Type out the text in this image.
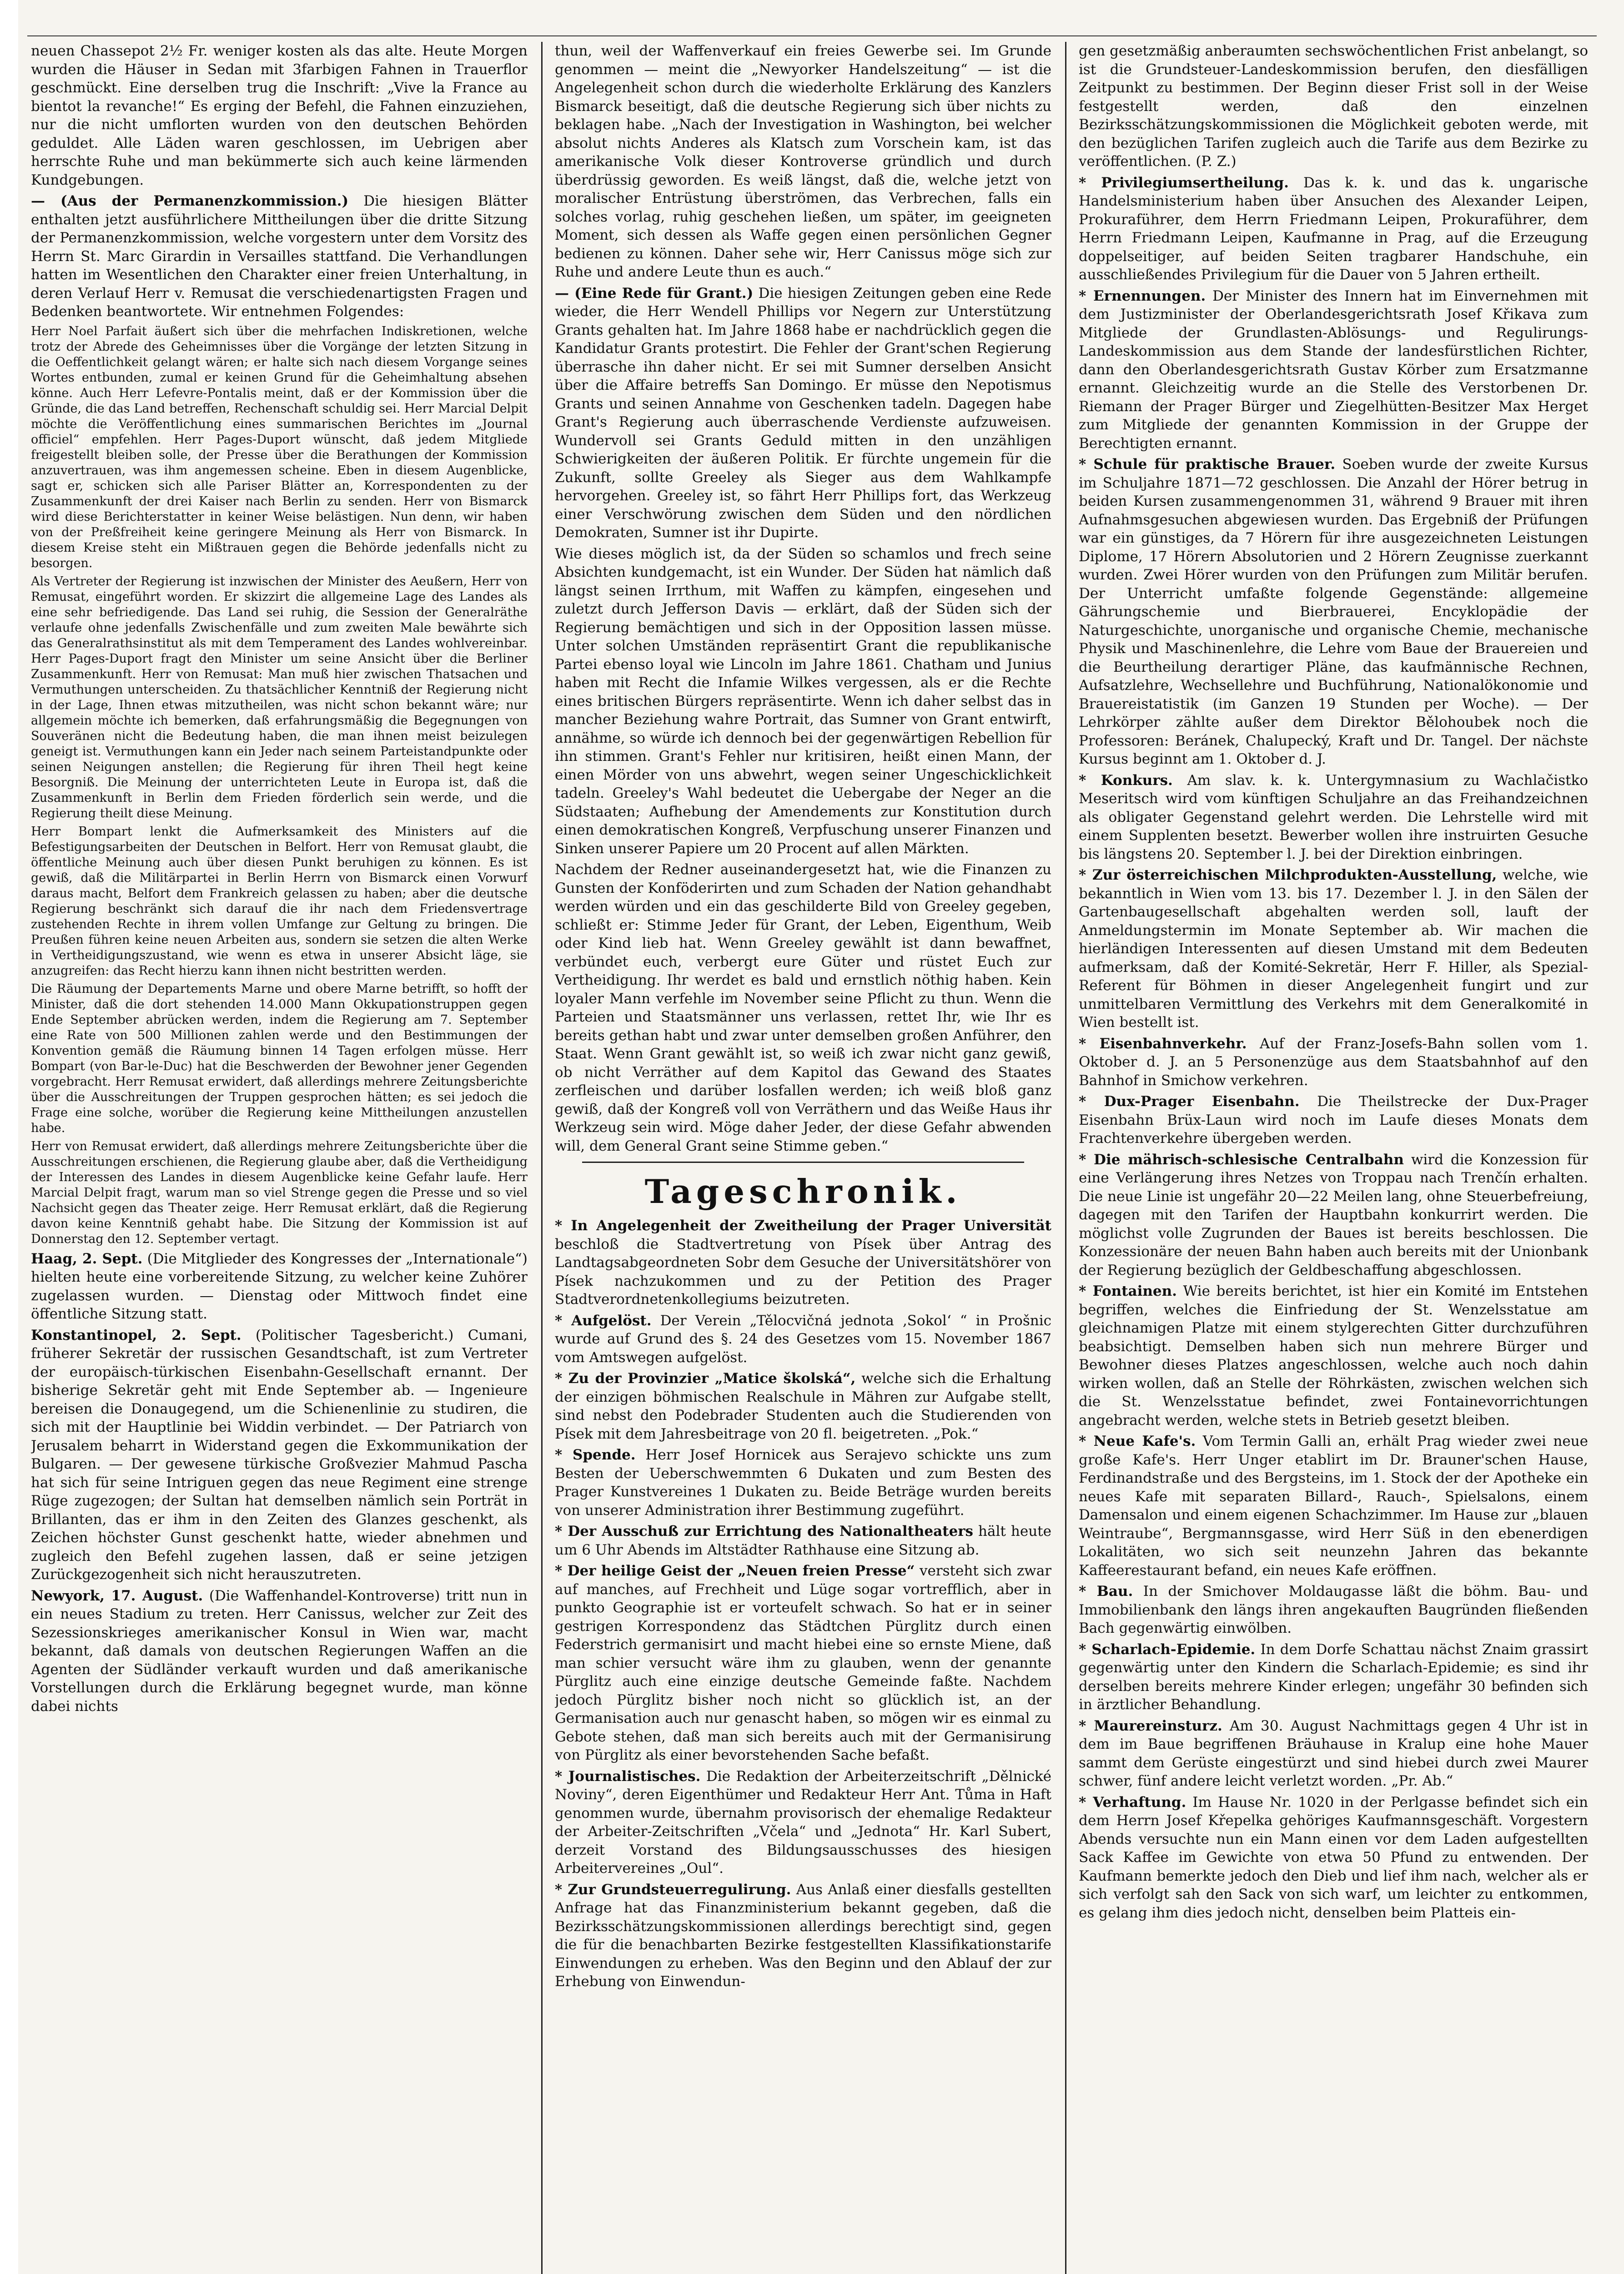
neuen Chassepot 2½ Fr. weniger kosten als das alte. Heute Morgen wurden die Häuser in Sedan mit 3farbigen Fahnen in Trauerflor geschmückt. Eine derselben trug die Inschrift: „Vive la France au bientot la revanche!“ Es erging der Befehl, die Fahnen einzuziehen, nur die nicht umflorten wurden von den deutschen Behörden geduldet. Alle Läden waren geschlossen, im Uebrigen aber herrschte Ruhe und man bekümmerte sich auch keine lärmenden Kundgebungen.

— (Aus der Permanenzkommission.) Die hiesigen Blätter enthalten jetzt ausführlichere Mittheilungen über die dritte Sitzung der Permanenzkommission, welche vorgestern unter dem Vorsitz des Herrn St. Marc Girardin in Versailles stattfand. Die Verhandlungen hatten im Wesentlichen den Charakter einer freien Unterhaltung, in deren Verlauf Herr v. Remusat die verschiedenartigsten Fragen und Bedenken beantwortete. Wir entnehmen Folgendes:

Herr Noel Parfait äußert sich über die mehrfachen Indiskretionen, welche trotz der Abrede des Geheimnisses über die Vorgänge der letzten Sitzung in die Oeffentlichkeit gelangt wären; er halte sich nach diesem Vorgange seines Wortes entbunden, zumal er keinen Grund für die Geheimhaltung absehen könne. Auch Herr Lefevre-Pontalis meint, daß er der Kommission über die Gründe, die das Land betreffen, Rechenschaft schuldig sei. Herr Marcial Delpit möchte die Veröffentlichung eines summarischen Berichtes im „Journal officiel“ empfehlen. Herr Pages-Duport wünscht, daß jedem Mitgliede freigestellt bleiben solle, der Presse über die Berathungen der Kommission anzuvertrauen, was ihm angemessen scheine. Eben in diesem Augenblicke, sagt er, schicken sich alle Pariser Blätter an, Korrespondenten zu der Zusammenkunft der drei Kaiser nach Berlin zu senden. Herr von Bismarck wird diese Berichterstatter in keiner Weise belästigen. Nun denn, wir haben von der Preßfreiheit keine geringere Meinung als Herr von Bismarck. In diesem Kreise steht ein Mißtrauen gegen die Behörde jedenfalls nicht zu besorgen.

Als Vertreter der Regierung ist inzwischen der Minister des Aeußern, Herr von Remusat, eingeführt worden. Er skizzirt die allgemeine Lage des Landes als eine sehr befriedigende. Das Land sei ruhig, die Session der Generalräthe verlaufe ohne jedenfalls Zwischenfälle und zum zweiten Male bewährte sich das Generalrathsinstitut als mit dem Temperament des Landes wohlvereinbar. Herr Pages-Duport fragt den Minister um seine Ansicht über die Berliner Zusammenkunft. Herr von Remusat: Man muß hier zwischen Thatsachen und Vermuthungen unterscheiden. Zu thatsächlicher Kenntniß der Regierung nicht in der Lage, Ihnen etwas mitzutheilen, was nicht schon bekannt wäre; nur allgemein möchte ich bemerken, daß erfahrungsmäßig die Begegnungen von Souveränen nicht die Bedeutung haben, die man ihnen meist beizulegen geneigt ist. Vermuthungen kann ein Jeder nach seinem Parteistandpunkte oder seinen Neigungen anstellen; die Regierung für ihren Theil hegt keine Besorgniß. Die Meinung der unterrichteten Leute in Europa ist, daß die Zusammenkunft in Berlin dem Frieden förderlich sein werde, und die Regierung theilt diese Meinung.

Herr Bompart lenkt die Aufmerksamkeit des Ministers auf die Befestigungsarbeiten der Deutschen in Belfort. Herr von Remusat glaubt, die öffentliche Meinung auch über diesen Punkt beruhigen zu können. Es ist gewiß, daß die Militärpartei in Berlin Herrn von Bismarck einen Vorwurf daraus macht, Belfort dem Frankreich gelassen zu haben; aber die deutsche Regierung beschränkt sich darauf die ihr nach dem Friedensvertrage zustehenden Rechte in ihrem vollen Umfange zur Geltung zu bringen. Die Preußen führen keine neuen Arbeiten aus, sondern sie setzen die alten Werke in Vertheidigungszustand, wie wenn es etwa in unserer Absicht läge, sie anzugreifen: das Recht hierzu kann ihnen nicht bestritten werden.

Die Räumung der Departements Marne und obere Marne betrifft, so hofft der Minister, daß die dort stehenden 14.000 Mann Okkupationstruppen gegen Ende September abrücken werden, indem die Regierung am 7. September eine Rate von 500 Millionen zahlen werde und den Bestimmungen der Konvention gemäß die Räumung binnen 14 Tagen erfolgen müsse. Herr Bompart (von Bar-le-Duc) hat die Beschwerden der Bewohner jener Gegenden vorgebracht. Herr Remusat erwidert, daß allerdings mehrere Zeitungsberichte über die Ausschreitungen der Truppen gesprochen hätten; es sei jedoch die Frage eine solche, worüber die Regierung keine Mittheilungen anzustellen habe.

Herr von Remusat erwidert, daß allerdings mehrere Zeitungsberichte über die Ausschreitungen erschienen, die Regierung glaube aber, daß die Vertheidigung der Interessen des Landes in diesem Augenblicke keine Gefahr laufe. Herr Marcial Delpit fragt, warum man so viel Strenge gegen die Presse und so viel Nachsicht gegen das Theater zeige. Herr Remusat erklärt, daß die Regierung davon keine Kenntniß gehabt habe. Die Sitzung der Kommission ist auf Donnerstag den 12. September vertagt.

Haag, 2. Sept. (Die Mitglieder des Kongresses der „Internationale“) hielten heute eine vorbereitende Sitzung, zu welcher keine Zuhörer zugelassen wurden. — Dienstag oder Mittwoch findet eine öffentliche Sitzung statt.

Konstantinopel, 2. Sept. (Politischer Tagesbericht.) Cumani, früherer Sekretär der russischen Gesandtschaft, ist zum Vertreter der europäisch-türkischen Eisenbahn-Gesellschaft ernannt. Der bisherige Sekretär geht mit Ende September ab. — Ingenieure bereisen die Donaugegend, um die Schienenlinie zu studiren, die sich mit der Hauptlinie bei Widdin verbindet. — Der Patriarch von Jerusalem beharrt in Widerstand gegen die Exkommunikation der Bulgaren. — Der gewesene türkische Großvezier Mahmud Pascha hat sich für seine Intriguen gegen das neue Regiment eine strenge Rüge zugezogen; der Sultan hat demselben nämlich sein Porträt in Brillanten, das er ihm in den Zeiten des Glanzes geschenkt, als Zeichen höchster Gunst geschenkt hatte, wieder abnehmen und zugleich den Befehl zugehen lassen, daß er seine jetzigen Zurückgezogenheit sich nicht herauszutreten.

Newyork, 17. August. (Die Waffenhandel-Kontroverse) tritt nun in ein neues Stadium zu treten. Herr Canissus, welcher zur Zeit des Sezessionskrieges amerikanischer Konsul in Wien war, macht bekannt, daß damals von deutschen Regierungen Waffen an die Agenten der Südländer verkauft wurden und daß amerikanische Vorstellungen durch die Erklärung begegnet wurde, man könne dabei nichts

thun, weil der Waffenverkauf ein freies Gewerbe sei. Im Grunde genommen — meint die „Newyorker Handelszeitung“ — ist die Angelegenheit schon durch die wiederholte Erklärung des Kanzlers Bismarck beseitigt, daß die deutsche Regierung sich über nichts zu beklagen habe. „Nach der Investigation in Washington, bei welcher absolut nichts Anderes als Klatsch zum Vorschein kam, ist das amerikanische Volk dieser Kontroverse gründlich und durch überdrüssig geworden. Es weiß längst, daß die, welche jetzt von moralischer Entrüstung überströmen, das Verbrechen, falls ein solches vorlag, ruhig geschehen ließen, um später, im geeigneten Moment, sich dessen als Waffe gegen einen persönlichen Gegner bedienen zu können. Daher sehe wir, Herr Canissus möge sich zur Ruhe und andere Leute thun es auch.“

— (Eine Rede für Grant.) Die hiesigen Zeitungen geben eine Rede wieder, die Herr Wendell Phillips vor Negern zur Unterstützung Grants gehalten hat. Im Jahre 1868 habe er nachdrücklich gegen die Kandidatur Grants protestirt. Die Fehler der Grant'schen Regierung überrasche ihn daher nicht. Er sei mit Sumner derselben Ansicht über die Affaire betreffs San Domingo. Er müsse den Nepotismus Grants und seinen Annahme von Geschenken tadeln. Dagegen habe Grant's Regierung auch überraschende Verdienste aufzuweisen. Wundervoll sei Grants Geduld mitten in den unzähligen Schwierigkeiten der äußeren Politik. Er fürchte ungemein für die Zukunft, sollte Greeley als Sieger aus dem Wahlkampfe hervorgehen. Greeley ist, so fährt Herr Phillips fort, das Werkzeug einer Verschwörung zwischen dem Süden und den nördlichen Demokraten, Sumner ist ihr Dupirte.

Wie dieses möglich ist, da der Süden so schamlos und frech seine Absichten kundgemacht, ist ein Wunder. Der Süden hat nämlich daß längst seinen Irrthum, mit Waffen zu kämpfen, eingesehen und zuletzt durch Jefferson Davis — erklärt, daß der Süden sich der Regierung bemächtigen und sich in der Opposition lassen müsse. Unter solchen Umständen repräsentirt Grant die republikanische Partei ebenso loyal wie Lincoln im Jahre 1861. Chatham und Junius haben mit Recht die Infamie Wilkes vergessen, als er die Rechte eines britischen Bürgers repräsentirte. Wenn ich daher selbst das in mancher Beziehung wahre Portrait, das Sumner von Grant entwirft, annähme, so würde ich dennoch bei der gegenwärtigen Rebellion für ihn stimmen. Grant's Fehler nur kritisiren, heißt einen Mann, der einen Mörder von uns abwehrt, wegen seiner Ungeschicklichkeit tadeln. Greeley's Wahl bedeutet die Uebergabe der Neger an die Südstaaten; Aufhebung der Amendements zur Konstitution durch einen demokratischen Kongreß, Verpfuschung unserer Finanzen und Sinken unserer Papiere um 20 Procent auf allen Märkten.

Nachdem der Redner auseinandergesetzt hat, wie die Finanzen zu Gunsten der Konföderirten und zum Schaden der Nation gehandhabt werden würden und ein das geschilderte Bild von Greeley gegeben, schließt er: Stimme Jeder für Grant, der Leben, Eigenthum, Weib oder Kind lieb hat. Wenn Greeley gewählt ist dann bewaffnet, verbündet euch, verbergt eure Güter und rüstet Euch zur Vertheidigung. Ihr werdet es bald und ernstlich nöthig haben. Kein loyaler Mann verfehle im November seine Pflicht zu thun. Wenn die Parteien und Staatsmänner uns verlassen, rettet Ihr, wie Ihr es bereits gethan habt und zwar unter demselben großen Anführer, den Staat. Wenn Grant gewählt ist, so weiß ich zwar nicht ganz gewiß, ob nicht Verräther auf dem Kapitol das Gewand des Staates zerfleischen und darüber losfallen werden; ich weiß bloß ganz gewiß, daß der Kongreß voll von Verräthern und das Weiße Haus ihr Werkzeug sein wird. Möge daher Jeder, der diese Gefahr abwenden will, dem General Grant seine Stimme geben.“

Tageschronik.

* In Angelegenheit der Zweitheilung der Prager Universität beschloß die Stadtvertretung von Písek über Antrag des Landtagsabgeordneten Sobr dem Gesuche der Universitätshörer von Písek nachzukommen und zu der Petition des Prager Stadtverordnetenkollegiums beizutreten.

* Aufgelöst. Der Verein „Tělocvičná jednota ‚Sokol‘ “ in Prošnic wurde auf Grund des §. 24 des Gesetzes vom 15. November 1867 vom Amtswegen aufgelöst.

* Zu der Provinzier „Matice školská“, welche sich die Erhaltung der einzigen böhmischen Realschule in Mähren zur Aufgabe stellt, sind nebst den Podebrader Studenten auch die Studierenden von Písek mit dem Jahresbeitrage von 20 fl. beigetreten. „Pok.“

* Spende. Herr Josef Hornicek aus Serajevo schickte uns zum Besten der Ueberschwemmten 6 Dukaten und zum Besten des Prager Kunstvereines 1 Dukaten zu. Beide Beträge wurden bereits von unserer Administration ihrer Bestimmung zugeführt.

* Der Ausschuß zur Errichtung des Nationaltheaters hält heute um 6 Uhr Abends im Altstädter Rathhause eine Sitzung ab.

* Der heilige Geist der „Neuen freien Presse“ versteht sich zwar auf manches, auf Frechheit und Lüge sogar vortrefflich, aber in punkto Geographie ist er vorteufelt schwach. So hat er in seiner gestrigen Korrespondenz das Städtchen Pürglitz durch einen Federstrich germanisirt und macht hiebei eine so ernste Miene, daß man schier versucht wäre ihm zu glauben, wenn der genannte Pürglitz auch eine einzige deutsche Gemeinde faßte. Nachdem jedoch Pürglitz bisher noch nicht so glücklich ist, an der Germanisation auch nur genascht haben, so mögen wir es einmal zu Gebote stehen, daß man sich bereits auch mit der Germanisirung von Pürglitz als einer bevorstehenden Sache befaßt.

* Journalistisches. Die Redaktion der Arbeiterzeitschrift „Dělnické Noviny“, deren Eigenthümer und Redakteur Herr Ant. Tůma in Haft genommen wurde, übernahm provisorisch der ehemalige Redakteur der Arbeiter-Zeitschriften „Včela“ und „Jednota“ Hr. Karl Subert, derzeit Vorstand des Bildungsausschusses des hiesigen Arbeitervereines „Oul“.

* Zur Grundsteuerregulirung. Aus Anlaß einer diesfalls gestellten Anfrage hat das Finanzministerium bekannt gegeben, daß die Bezirksschätzungskommissionen allerdings berechtigt sind, gegen die für die benachbarten Bezirke festgestellten Klassifikationstarife Einwendungen zu erheben. Was den Beginn und den Ablauf der zur Erhebung von Einwendun-

gen gesetzmäßig anberaumten sechswöchentlichen Frist anbelangt, so ist die Grundsteuer-Landeskommission berufen, den diesfälligen Zeitpunkt zu bestimmen. Der Beginn dieser Frist soll in der Weise festgestellt werden, daß den einzelnen Bezirksschätzungskommissionen die Möglichkeit geboten werde, mit den bezüglichen Tarifen zugleich auch die Tarife aus dem Bezirke zu veröffentlichen. (P. Z.)

* Privilegiumsertheilung. Das k. k. und das k. ungarische Handelsministerium haben über Ansuchen des Alexander Leipen, Prokuraführer, dem Herrn Friedmann Leipen, Prokuraführer, dem Herrn Friedmann Leipen, Kaufmanne in Prag, auf die Erzeugung doppelseitiger, auf beiden Seiten tragbarer Handschuhe, ein ausschließendes Privilegium für die Dauer von 5 Jahren ertheilt.

* Ernennungen. Der Minister des Innern hat im Einvernehmen mit dem Justizminister der Oberlandesgerichtsrath Josef Křikava zum Mitgliede der Grundlasten-Ablösungs- und Regulirungs-Landeskommission aus dem Stande der landesfürstlichen Richter, dann den Oberlandesgerichtsrath Gustav Körber zum Ersatzmanne ernannt. Gleichzeitig wurde an die Stelle des Verstorbenen Dr. Riemann der Prager Bürger und Ziegelhütten-Besitzer Max Herget zum Mitgliede der genannten Kommission in der Gruppe der Berechtigten ernannt.

* Schule für praktische Brauer. Soeben wurde der zweite Kursus im Schuljahre 1871—72 geschlossen. Die Anzahl der Hörer betrug in beiden Kursen zusammengenommen 31, während 9 Brauer mit ihren Aufnahmsgesuchen abgewiesen wurden. Das Ergebniß der Prüfungen war ein günstiges, da 7 Hörern für ihre ausgezeichneten Leistungen Diplome, 17 Hörern Absolutorien und 2 Hörern Zeugnisse zuerkannt wurden. Zwei Hörer wurden von den Prüfungen zum Militär berufen. Der Unterricht umfaßte folgende Gegenstände: allgemeine Gährungschemie und Bierbrauerei, Encyklopädie der Naturgeschichte, unorganische und organische Chemie, mechanische Physik und Maschinenlehre, die Lehre vom Baue der Brauereien und die Beurtheilung derartiger Pläne, das kaufmännische Rechnen, Aufsatzlehre, Wechsellehre und Buchführung, Nationalökonomie und Brauereistatistik (im Ganzen 19 Stunden per Woche). — Der Lehrkörper zählte außer dem Direktor Bělohoubek noch die Professoren: Beránek, Chalupecký, Kraft und Dr. Tangel. Der nächste Kursus beginnt am 1. Oktober d. J.

* Konkurs. Am slav. k. k. Untergymnasium zu Wachlačistko Meseritsch wird vom künftigen Schuljahre an das Freihandzeichnen als obligater Gegenstand gelehrt werden. Die Lehrstelle wird mit einem Supplenten besetzt. Bewerber wollen ihre instruirten Gesuche bis längstens 20. September l. J. bei der Direktion einbringen.

* Zur österreichischen Milchprodukten-Ausstellung, welche, wie bekanntlich in Wien vom 13. bis 17. Dezember l. J. in den Sälen der Gartenbaugesellschaft abgehalten werden soll, lauft der Anmeldungstermin im Monate September ab. Wir machen die hierländigen Interessenten auf diesen Umstand mit dem Bedeuten aufmerksam, daß der Komité-Sekretär, Herr F. Hiller, als Spezial-Referent für Böhmen in dieser Angelegenheit fungirt und zur unmittelbaren Vermittlung des Verkehrs mit dem Generalkomité in Wien bestellt ist.

* Eisenbahnverkehr. Auf der Franz-Josefs-Bahn sollen vom 1. Oktober d. J. an 5 Personenzüge aus dem Staatsbahnhof auf den Bahnhof in Smichow verkehren.

* Dux-Prager Eisenbahn. Die Theilstrecke der Dux-Prager Eisenbahn Brüx-Laun wird noch im Laufe dieses Monats dem Frachtenverkehre übergeben werden.

* Die mährisch-schlesische Centralbahn wird die Konzession für eine Verlängerung ihres Netzes von Troppau nach Trenčín erhalten. Die neue Linie ist ungefähr 20—22 Meilen lang, ohne Steuerbefreiung, dagegen mit den Tarifen der Hauptbahn konkurrirt werden. Die möglichst volle Zugrunden der Baues ist bereits beschlossen. Die Konzessionäre der neuen Bahn haben auch bereits mit der Unionbank der Regierung bezüglich der Geldbeschaffung abgeschlossen.

* Fontainen. Wie bereits berichtet, ist hier ein Komité im Entstehen begriffen, welches die Einfriedung der St. Wenzelsstatue am gleichnamigen Platze mit einem stylgerechten Gitter durchzuführen beabsichtigt. Demselben haben sich nun mehrere Bürger und Bewohner dieses Platzes angeschlossen, welche auch noch dahin wirken wollen, daß an Stelle der Röhrkästen, zwischen welchen sich die St. Wenzelsstatue befindet, zwei Fontainevorrichtungen angebracht werden, welche stets in Betrieb gesetzt bleiben.

* Neue Kafe's. Vom Termin Galli an, erhält Prag wieder zwei neue große Kafe's. Herr Unger etablirt im Dr. Brauner'schen Hause, Ferdinandstraße und des Bergsteins, im 1. Stock der der Apotheke ein neues Kafe mit separaten Billard-, Rauch-, Spielsalons, einem Damensalon und einem eigenen Schachzimmer. Im Hause zur „blauen Weintraube“, Bergmannsgasse, wird Herr Süß in den ebenerdigen Lokalitäten, wo sich seit neunzehn Jahren das bekannte Kaffeerestaurant befand, ein neues Kafe eröffnen.

* Bau. In der Smichover Moldaugasse läßt die böhm. Bau- und Immobilienbank den längs ihren angekauften Baugründen fließenden Bach gegenwärtig einwölben.

* Scharlach-Epidemie. In dem Dorfe Schattau nächst Znaim grassirt gegenwärtig unter den Kindern die Scharlach-Epidemie; es sind ihr derselben bereits mehrere Kinder erlegen; ungefähr 30 befinden sich in ärztlicher Behandlung.

* Maurereinsturz. Am 30. August Nachmittags gegen 4 Uhr ist in dem im Baue begriffenen Bräuhause in Kralup eine hohe Mauer sammt dem Gerüste eingestürzt und sind hiebei durch zwei Maurer schwer, fünf andere leicht verletzt worden. „Pr. Ab.“

* Verhaftung. Im Hause Nr. 1020 in der Perlgasse befindet sich ein dem Herrn Josef Křepelka gehöriges Kaufmannsgeschäft. Vorgestern Abends versuchte nun ein Mann einen vor dem Laden aufgestellten Sack Kaffee im Gewichte von etwa 50 Pfund zu entwenden. Der Kaufmann bemerkte jedoch den Dieb und lief ihm nach, welcher als er sich verfolgt sah den Sack von sich warf, um leichter zu entkommen, es gelang ihm dies jedoch nicht, denselben beim Platteis ein-
